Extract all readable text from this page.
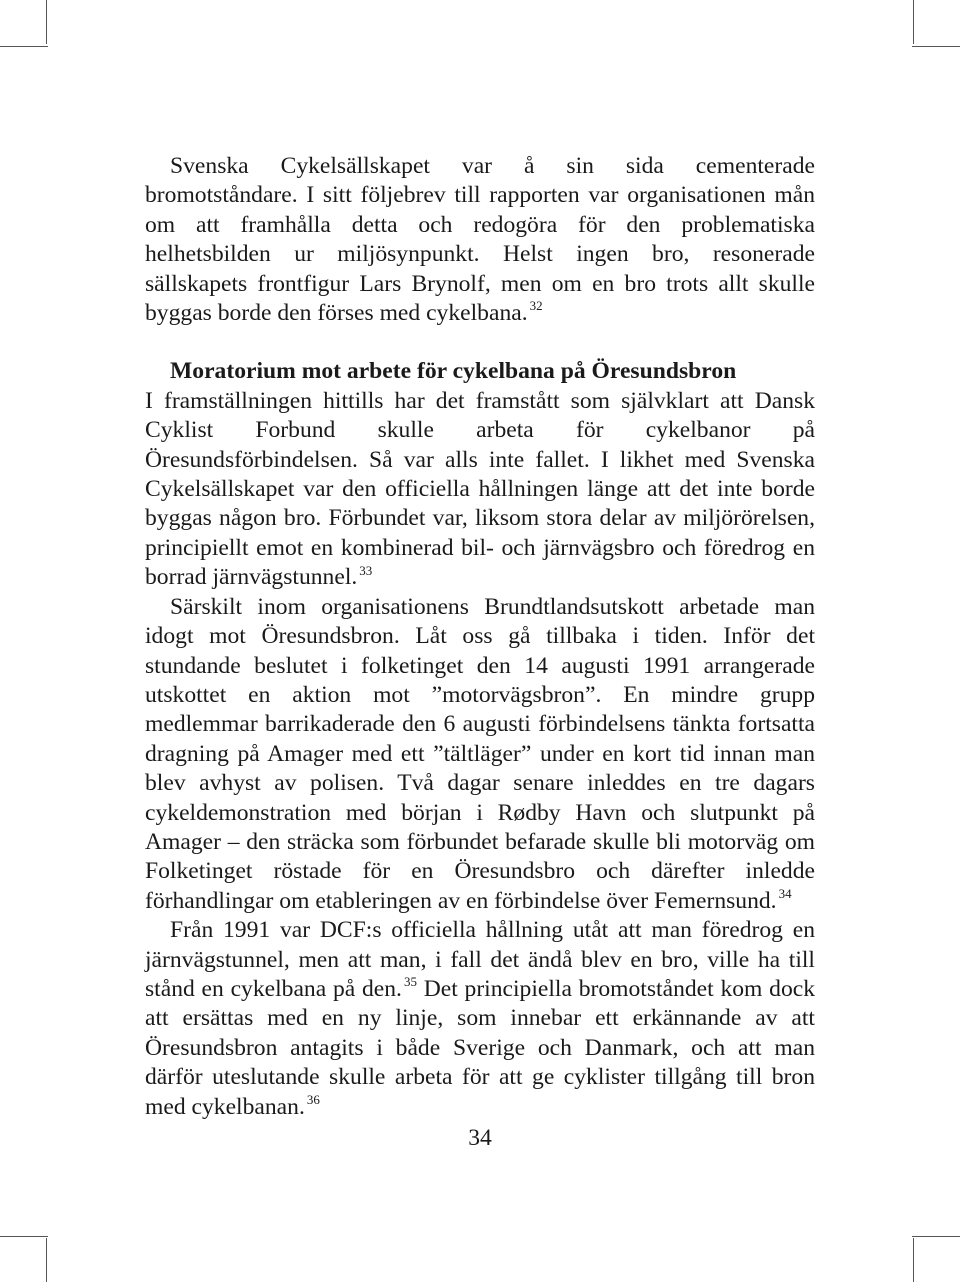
Svenska Cykelsällskapet var å sin sida cementerade bromotståndare. I sitt följebrev till rapporten var organisationen mån om att framhålla detta och redogöra för den problematiska helhetsbilden ur miljösynpunkt. Helst ingen bro, resonerade sällskapets frontfigur Lars Brynolf, men om en bro trots allt skulle byggas borde den förses med cykelbana. $^{32}$

Moratorium mot arbete för cykelbana på Öresundsbron

I framställningen hittills har det framstått som självklart att Dansk Cyklist Forbund skulle arbeta för cykelbanor på Öresundsförbindelsen. Så var alls inte fallet. I likhet med Svenska Cykelsällskapet var den officiella hållningen länge att det inte borde byggas någon bro. Förbundet var, liksom stora delar av miljörörelsen, principiellt emot en kombinerad bil- och järnvägsbro och föredrog en borrad järnvägstunnel. $^{33}$

Särskilt inom organisationens Brundtlandsutskott arbetade man idogt mot Öresundsbron. Låt oss gå tillbaka i tiden. Inför det stundande beslutet i folketinget den 14 augusti 1991 arrangerade utskottet en aktion mot ”motorvägsbron”. En mindre grupp medlemmar barrikaderade den 6 augusti förbindelsens tänkta fortsatta dragning på Amager med ett ”tältläger” under en kort tid innan man blev avhyst av polisen. Två dagar senare inleddes en tre dagars cykeldemonstration med början i Rødby Havn och slutpunkt på Amager – den sträcka som förbundet befarade skulle bli motorväg om Folketinget röstade för en Öresundsbro och därefter inledde förhandlingar om etableringen av en förbindelse över Femernsund. $^{34}$

Från 1991 var DCF:s officiella hållning utåt att man föredrog en järnvägstunnel, men att man, i fall det ändå blev en bro, ville ha till stånd en cykelbana på den. $^{35}$ Det principiella bromotståndet kom dock att ersättas med en ny linje, som innebar ett erkännande av att Öresundsbron antagits i både Sverige och Danmark, och att man därför uteslutande skulle arbeta för att ge cyklister tillgång till bron med cykelbanan. $^{36}$

34
